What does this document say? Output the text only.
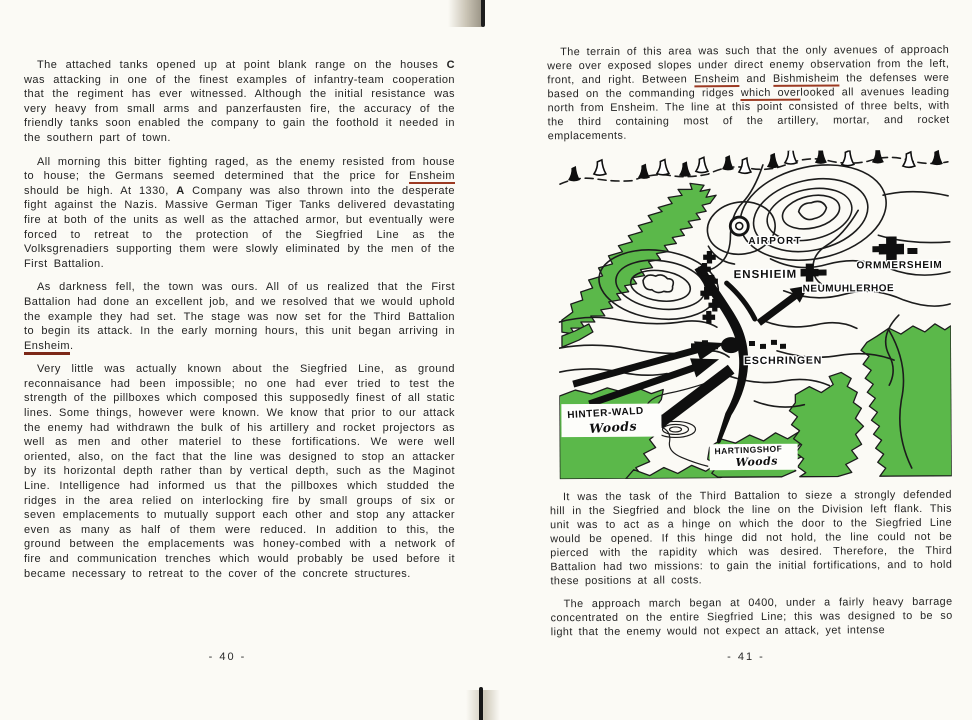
The attached tanks opened up at point blank range on the houses C was attacking in one of the finest examples of infantry-team cooperation that the regiment has ever witnessed. Although the initial resistance was very heavy from small arms and panzerfausten fire, the accuracy of the friendly tanks soon enabled the company to gain the foothold it needed in the southern part of town.

All morning this bitter fighting raged, as the enemy resisted from house to house; the Germans seemed determined that the price for Ensheim should be high. At 1330, A Company was also thrown into the desperate fight against the Nazis. Massive German Tiger Tanks delivered devastating fire at both of the units as well as the attached armor, but eventually were forced to retreat to the protection of the Siegfried Line as the Volksgrenadiers supporting them were slowly eliminated by the men of the First Battalion.

As darkness fell, the town was ours. All of us realized that the First Battalion had done an excellent job, and we resolved that we would uphold the example they had set. The stage was now set for the Third Battalion to begin its attack. In the early morning hours, this unit began arriving in Ensheim.

Very little was actually known about the Siegfried Line, as ground reconnaisance had been impossible; no one had ever tried to test the strength of the pillboxes which composed this supposedly finest of all static lines. Some things, however were known. We know that prior to our attack the enemy had withdrawn the bulk of his artillery and rocket projectors as well as men and other materiel to these fortifications. We were well oriented, also, on the fact that the line was designed to stop an attacker by its horizontal depth rather than by vertical depth, such as the Maginot Line. Intelligence had informed us that the pillboxes which studded the ridges in the area relied on interlocking fire by small groups of six or seven emplacements to mutually support each other and stop any attacker even as many as half of them were reduced. In addition to this, the ground between the emplacements was honey-combed with a network of fire and communication trenches which would probably be used before it became necessary to retreat to the cover of the concrete structures.

- 40 -

The terrain of this area was such that the only avenues of approach were over exposed slopes under direct enemy observation from the left, front, and right. Between Ensheim and Bishmisheim the defenses were based on the commanding ridges which overlooked all avenues leading north from Ensheim. The line at this point consisted of three belts, with the third containing most of the artillery, mortar, and rocket emplacements.

AIRPORT
ENSHIEIM
NEUMUHLERHOE
ORMMERSHEIM
ESCHRINGEN
HINTER-WALD
Woods
HARTINGSHOF
Woods

It was the task of the Third Battalion to sieze a strongly defended hill in the Siegfried and block the line on the Division left flank. This unit was to act as a hinge on which the door to the Siegfried Line would be opened. If this hinge did not hold, the line could not be pierced with the rapidity which was desired. Therefore, the Third Battalion had two missions: to gain the initial fortifications, and to hold these positions at all costs.

The approach march began at 0400, under a fairly heavy barrage concentrated on the entire Siegfried Line; this was designed to be so light that the enemy would not expect an attack, yet intense

- 41 -
